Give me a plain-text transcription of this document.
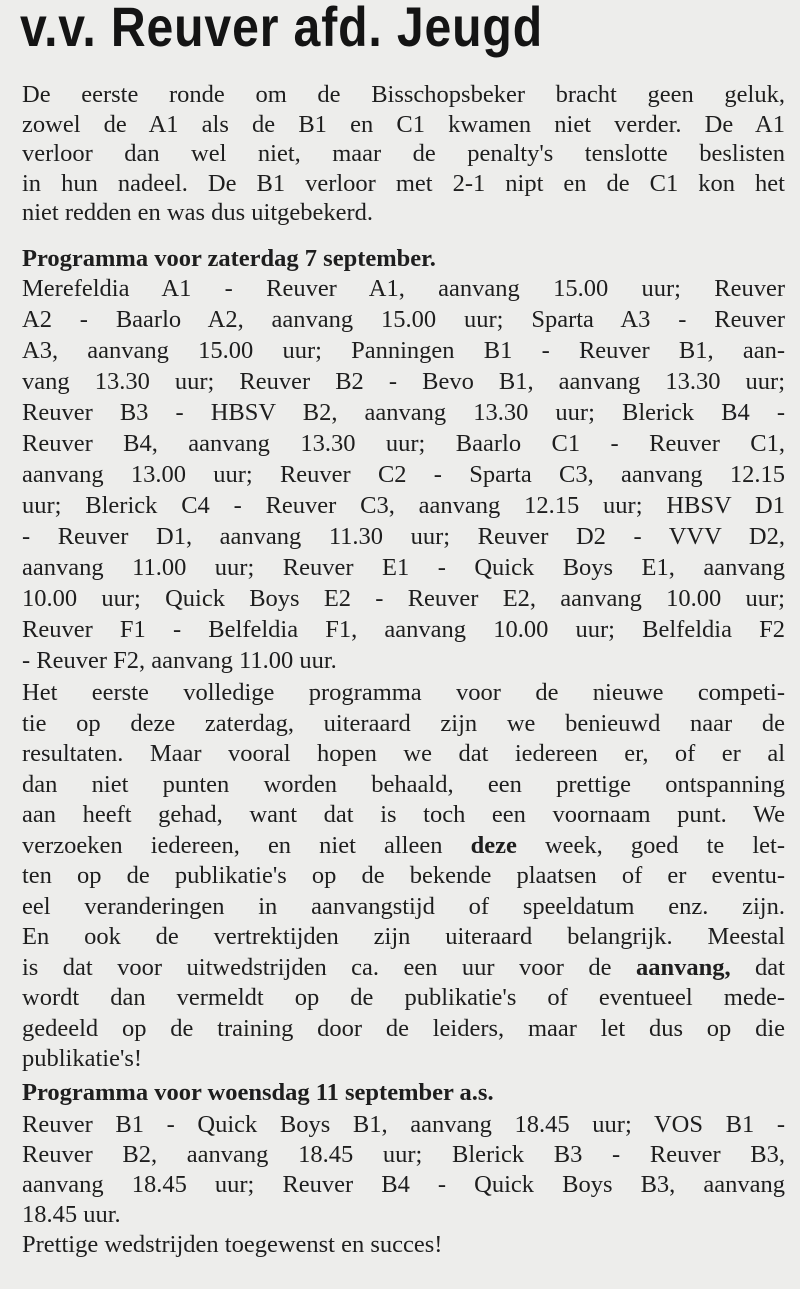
v.v. Reuver afd. Jeugd
De eerste ronde om de Bisschopsbeker bracht geen geluk,
zowel de A1 als de B1 en C1 kwamen niet verder. De A1
verloor dan wel niet, maar de penalty's tenslotte beslisten
in hun nadeel. De B1 verloor met 2-1 nipt en de C1 kon het
niet redden en was dus uitgebekerd.
Programma voor zaterdag 7 september.
Merefeldia A1 - Reuver A1, aanvang 15.00 uur; Reuver
A2 - Baarlo A2, aanvang 15.00 uur; Sparta A3 - Reuver
A3, aanvang 15.00 uur; Panningen B1 - Reuver B1, aan-
vang 13.30 uur; Reuver B2 - Bevo B1, aanvang 13.30 uur;
Reuver B3 - HBSV B2, aanvang 13.30 uur; Blerick B4 -
Reuver B4, aanvang 13.30 uur; Baarlo C1 - Reuver C1,
aanvang 13.00 uur; Reuver C2 - Sparta C3, aanvang 12.15
uur; Blerick C4 - Reuver C3, aanvang 12.15 uur; HBSV D1
- Reuver D1, aanvang 11.30 uur; Reuver D2 - VVV D2,
aanvang 11.00 uur; Reuver E1 - Quick Boys E1, aanvang
10.00 uur; Quick Boys E2 - Reuver E2, aanvang 10.00 uur;
Reuver F1 - Belfeldia F1, aanvang 10.00 uur; Belfeldia F2
- Reuver F2, aanvang 11.00 uur.
Het eerste volledige programma voor de nieuwe competi-
tie op deze zaterdag, uiteraard zijn we benieuwd naar de
resultaten. Maar vooral hopen we dat iedereen er, of er al
dan niet punten worden behaald, een prettige ontspanning
aan heeft gehad, want dat is toch een voornaam punt. We
verzoeken iedereen, en niet alleen deze week, goed te let-
ten op de publikatie's op de bekende plaatsen of er eventu-
eel veranderingen in aanvangstijd of speeldatum enz. zijn.
En ook de vertrektijden zijn uiteraard belangrijk. Meestal
is dat voor uitwedstrijden ca. een uur voor de aanvang, dat
wordt dan vermeldt op de publikatie's of eventueel mede-
gedeeld op de training door de leiders, maar let dus op die
publikatie's!
Programma voor woensdag 11 september a.s.
Reuver B1 - Quick Boys B1, aanvang 18.45 uur; VOS B1 -
Reuver B2, aanvang 18.45 uur; Blerick B3 - Reuver B3,
aanvang 18.45 uur; Reuver B4 - Quick Boys B3, aanvang
18.45 uur.
Prettige wedstrijden toegewenst en succes!
